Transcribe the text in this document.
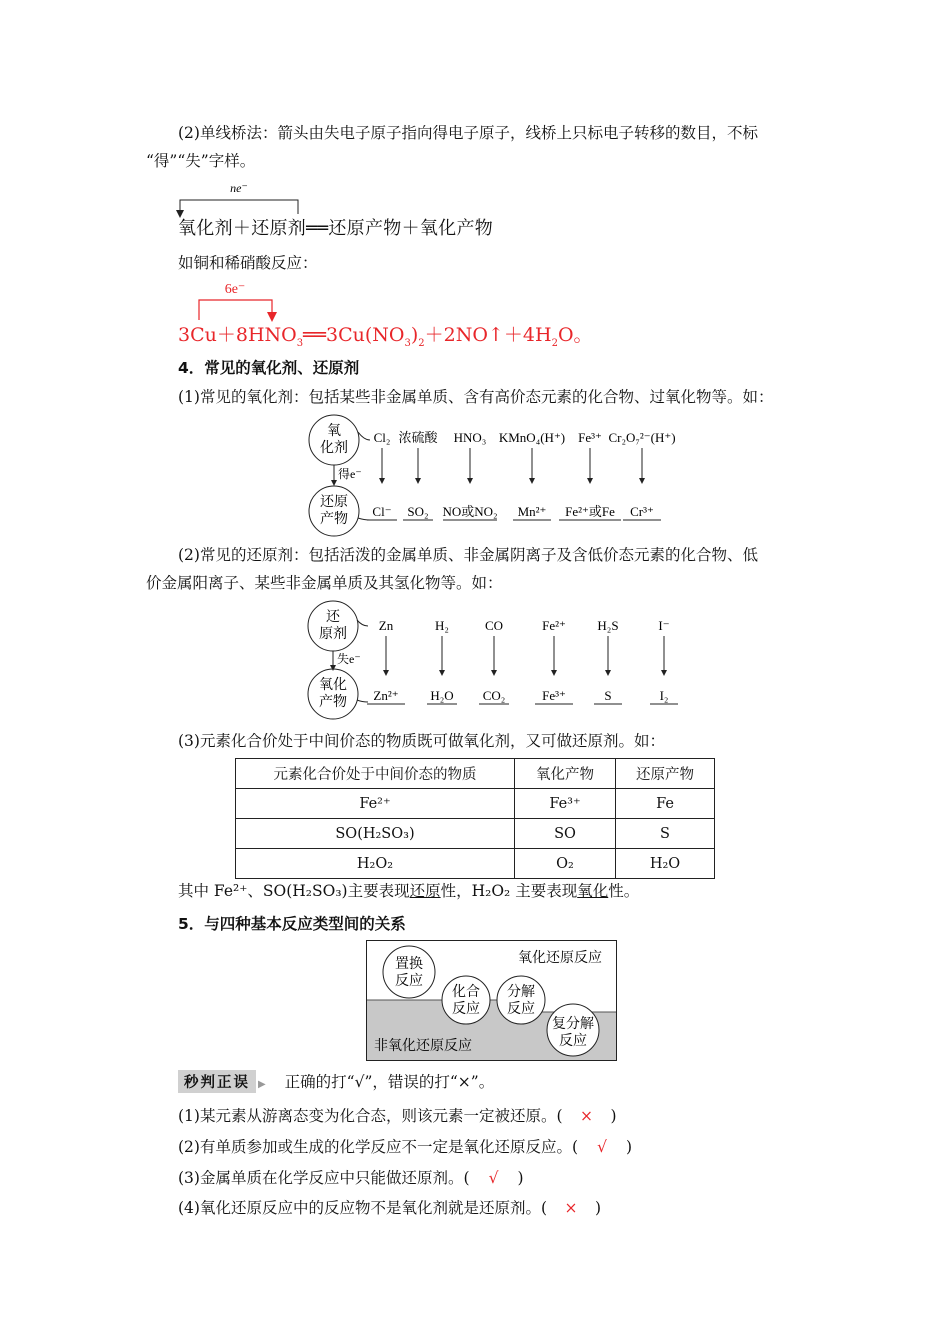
(2)单线桥法：箭头由失电子原子指向得电子原子，线桥上只标电子转移的数目，不标
“得”“失”字样。
ne⁻
氧化剂＋还原剂══还原产物＋氧化产物
如铜和稀硝酸反应：
6e⁻
$3Cu+8HNO_3══3Cu(NO_3)_2+2NO↑+4H_2O$。
4．常见的氧化剂、还原剂
(1)常见的氧化剂：包括某些非金属单质、含有高价态元素的化合物、过氧化物等。如：
氧
化剂
得e⁻
还原
产物
Cl₂
Cl⁻
浓硫酸
SO₂
HNO₃
NO或NO₂
KMnO₄(H⁺)
Mn²⁺
Fe³⁺
Fe²⁺或Fe
Cr₂O₇²⁻(H⁺)
Cr³⁺
(2)常见的还原剂：包括活泼的金属单质、非金属阴离子及含低价态元素的化合物、低
价金属阳离子、某些非金属单质及其氢化物等。如：
还
原剂
失e⁻
氧化
产物
Zn
Zn²⁺
H₂
H₂O
CO
CO₂
Fe²⁺
Fe³⁺
H₂S
S
I⁻
I₂
(3)元素化合价处于中间价态的物质既可做氧化剂，又可做还原剂。如：
元素化合价处于中间价态的物质	氧化产物	还原产物
Fe²⁺	Fe³⁺	Fe
SO(H₂SO₃)	SO	S
H₂O₂	O₂	H₂O
其中 Fe²⁺、SO(H₂SO₃)主要表现还原性，H₂O₂ 主要表现氧化性。
5．与四种基本反应类型间的关系
氧化还原反应
非氧化还原反应
置换
反应
化合
反应
分解
反应
复分解
反应
秒判正误 ▶ 正确的打“√”，错误的打“×”。
(1)某元素从游离态变为化合态，则该元素一定被还原。( × )
(2)有单质参加或生成的化学反应不一定是氧化还原反应。( √ )
(3)金属单质在化学反应中只能做还原剂。( √ )
(4)氧化还原反应中的反应物不是氧化剂就是还原剂。( × )
